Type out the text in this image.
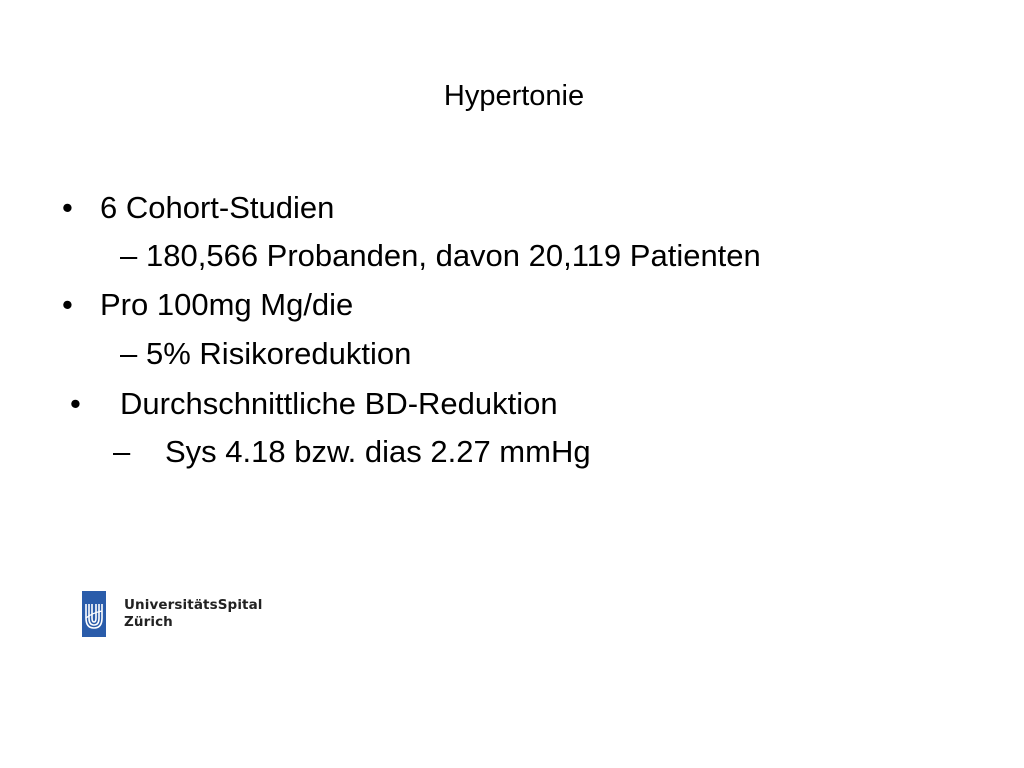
Hypertonie
• 6 Cohort-Studien
– 180,566 Probanden, davon 20,119 Patienten
• Pro 100mg Mg/die
– 5% Risikoreduktion
• Durchschnittliche BD-Reduktion
– Sys 4.18 bzw. dias 2.27 mmHg
UniversitätsSpital
Zürich
